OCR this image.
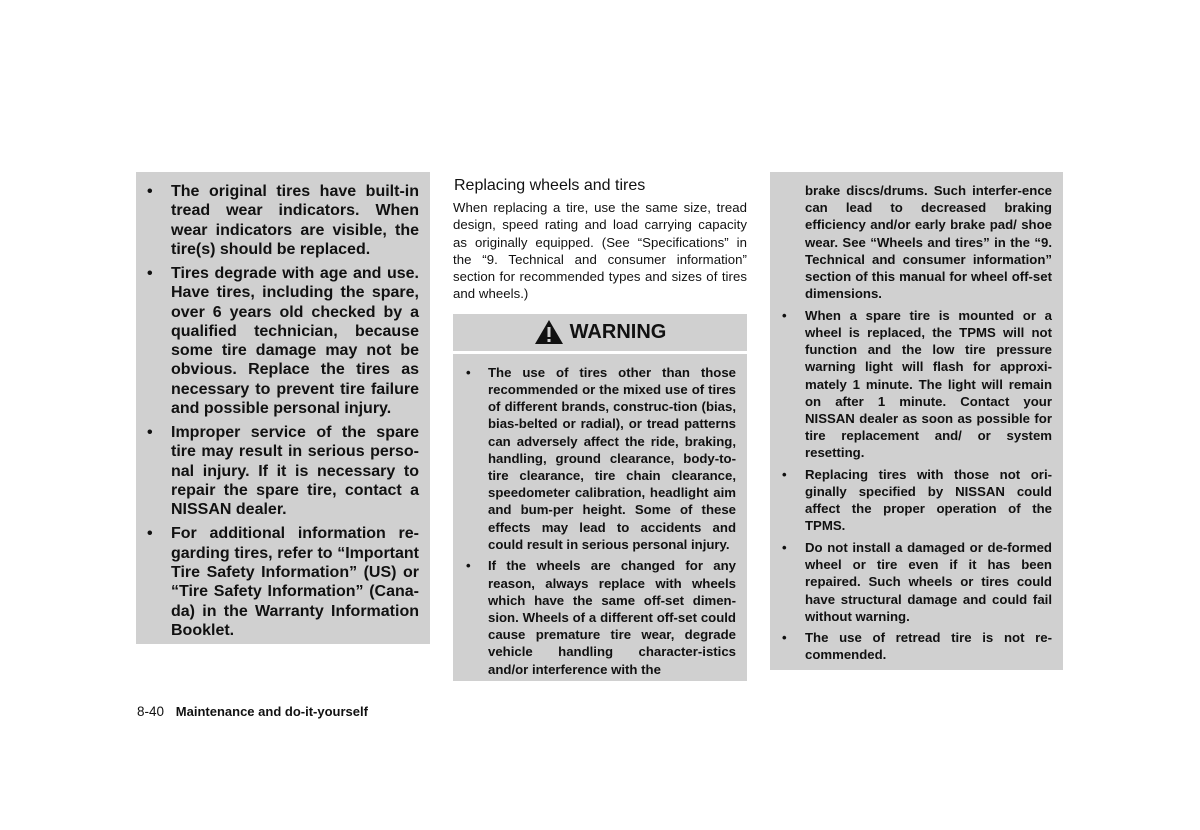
• The original tires have built-in tread wear indicators. When wear indicators are visible, the tire(s) should be replaced.
• Tires degrade with age and use. Have tires, including the spare, over 6 years old checked by a qualified technician, because some tire damage may not be obvious. Replace the tires as necessary to prevent tire failure and possible personal injury.
• Improper service of the spare tire may result in serious perso-nal injury. If it is necessary to repair the spare tire, contact a NISSAN dealer.
• For additional information re-garding tires, refer to “Important Tire Safety Information” (US) or “Tire Safety Information” (Cana-da) in the Warranty Information Booklet.
Replacing wheels and tires

When replacing a tire, use the same size, tread design, speed rating and load carrying capacity as originally equipped. (See “Specifications” in the “9. Technical and consumer information” section for recommended types and sizes of tires and wheels.)

WARNING
• The use of tires other than those recommended or the mixed use of tires of different brands, construc-tion (bias, bias-belted or radial), or tread patterns can adversely affect the ride, braking, handling, ground clearance, body-to-tire clearance, tire chain clearance, speedometer calibration, headlight aim and bum-per height. Some of these effects may lead to accidents and could result in serious personal injury.
• If the wheels are changed for any reason, always replace with wheels which have the same off-set dimen-sion. Wheels of a different off-set could cause premature tire wear, degrade vehicle handling character-istics and/or interference with the

brake discs/drums. Such interfer-ence can lead to decreased braking efficiency and/or early brake pad/ shoe wear. See “Wheels and tires” in the “9. Technical and consumer information” section of this manual for wheel off-set dimensions.

• When a spare tire is mounted or a wheel is replaced, the TPMS will not function and the low tire pressure warning light will flash for approxi-mately 1 minute. The light will remain on after 1 minute. Contact your NISSAN dealer as soon as possible for tire replacement and/ or system resetting.
• Replacing tires with those not ori-ginally specified by NISSAN could affect the proper operation of the TPMS.
• Do not install a damaged or de-formed wheel or tire even if it has been repaired. Such wheels or tires could have structural damage and could fail without warning.
• The use of retread tire is not re-commended.
8-40 Maintenance and do-it-yourself
